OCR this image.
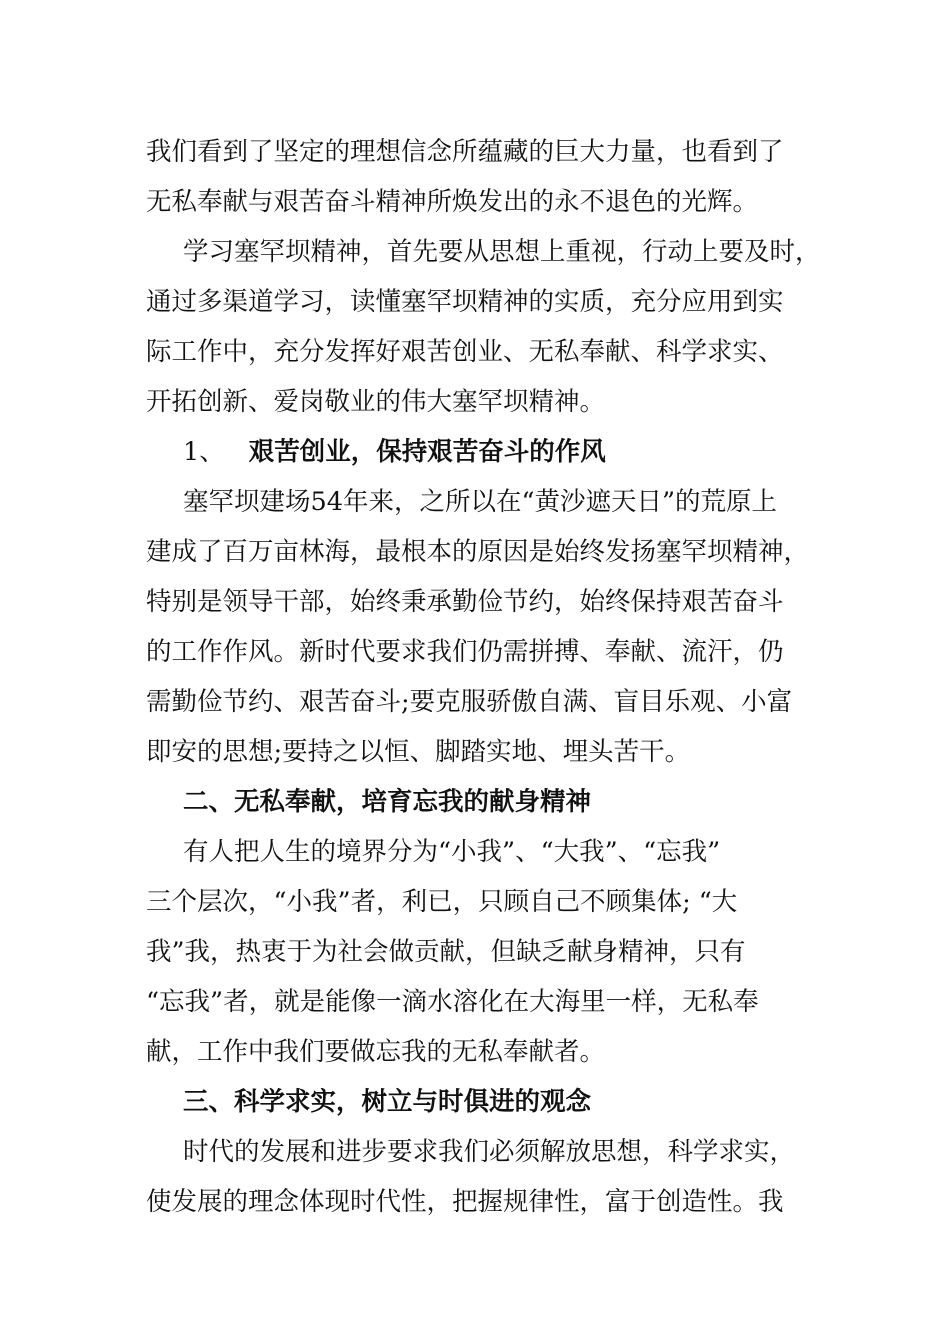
我们看到了坚定的理想信念所蕴藏的巨大力量，也看到了
无私奉献与艰苦奋斗精神所焕发出的永不退色的光辉。
学习塞罕坝精神，首先要从思想上重视，行动上要及时，
通过多渠道学习，读懂塞罕坝精神的实质，充分应用到实
际工作中，充分发挥好艰苦创业、无私奉献、科学求实、
开拓创新、爱岗敬业的伟大塞罕坝精神。
1、 艰苦创业，保持艰苦奋斗的作风
塞罕坝建场54年来，之所以在“黄沙遮天日”的荒原上
建成了百万亩林海，最根本的原因是始终发扬塞罕坝精神，
特别是领导干部，始终秉承勤俭节约，始终保持艰苦奋斗
的工作作风。新时代要求我们仍需拼搏、奉献、流汗，仍
需勤俭节约、艰苦奋斗;要克服骄傲自满、盲目乐观、小富
即安的思想;要持之以恒、脚踏实地、埋头苦干。
二、无私奉献，培育忘我的献身精神
有人把人生的境界分为“小我”、“大我”、“忘我”
三个层次，“小我”者，利已，只顾自己不顾集体; “大
我”我，热衷于为社会做贡献，但缺乏献身精神，只有
“忘我”者，就是能像一滴水溶化在大海里一样，无私奉
献，工作中我们要做忘我的无私奉献者。
三、科学求实，树立与时俱进的观念
时代的发展和进步要求我们必须解放思想，科学求实，
使发展的理念体现时代性，把握规律性，富于创造性。我
